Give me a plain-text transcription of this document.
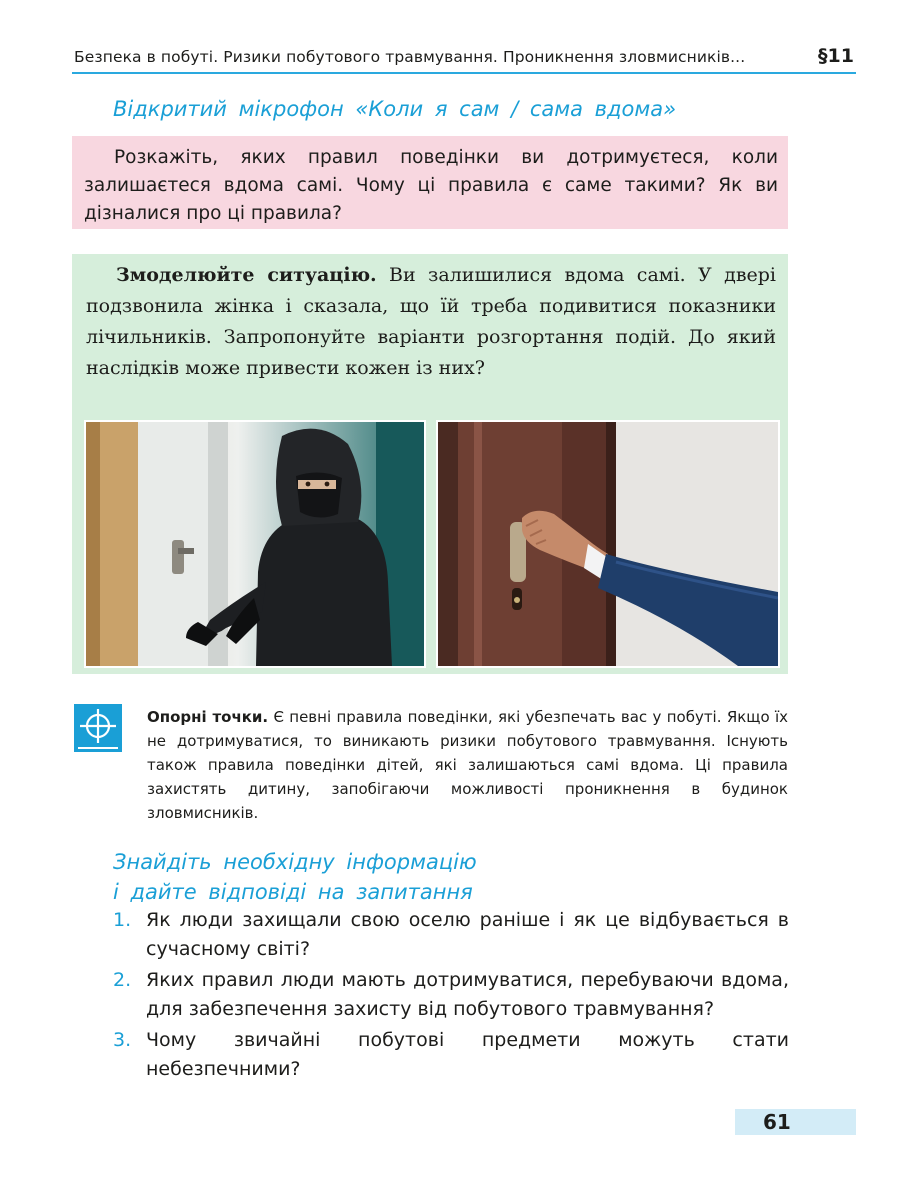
Безпека в побуті. Ризики побутового травмування. Проникнення зловмисників...	§11
Відкритий мікрофон «Коли я сам / сама вдома»

Розкажіть, яких правил поведінки ви дотримуєтеся, коли залишаєтеся вдома самі. Чому ці правила є саме такими? Як ви дізналися про ці правила?

Змоделюйте ситуацію. Ви залишилися вдома самі. У двері подзвонила жінка і сказала, що їй треба подивитися показники лічильників. Запропонуйте варіанти розгортання подій. До який наслідків може привести кожен із них?

Опорні точки. Є певні правила поведінки, які убезпечать вас у побуті. Якщо їх не дотримуватися, то виникають ризики побутового травмування. Існують також правила поведінки дітей, які залишаються самі вдома. Ці правила захистять дитину, запобігаючи можливості проникнення в будинок зловмисників.

Знайдіть необхідну інформацію
і дайте відповіді на запитання
1. Як люди захищали свою оселю раніше і як це відбувається в сучасному світі?
2. Яких правил люди мають дотримуватися, перебуваючи вдома, для забезпечення захисту від побутового травмування?
3. Чому звичайні побутові предмети можуть стати небезпечними?
61
